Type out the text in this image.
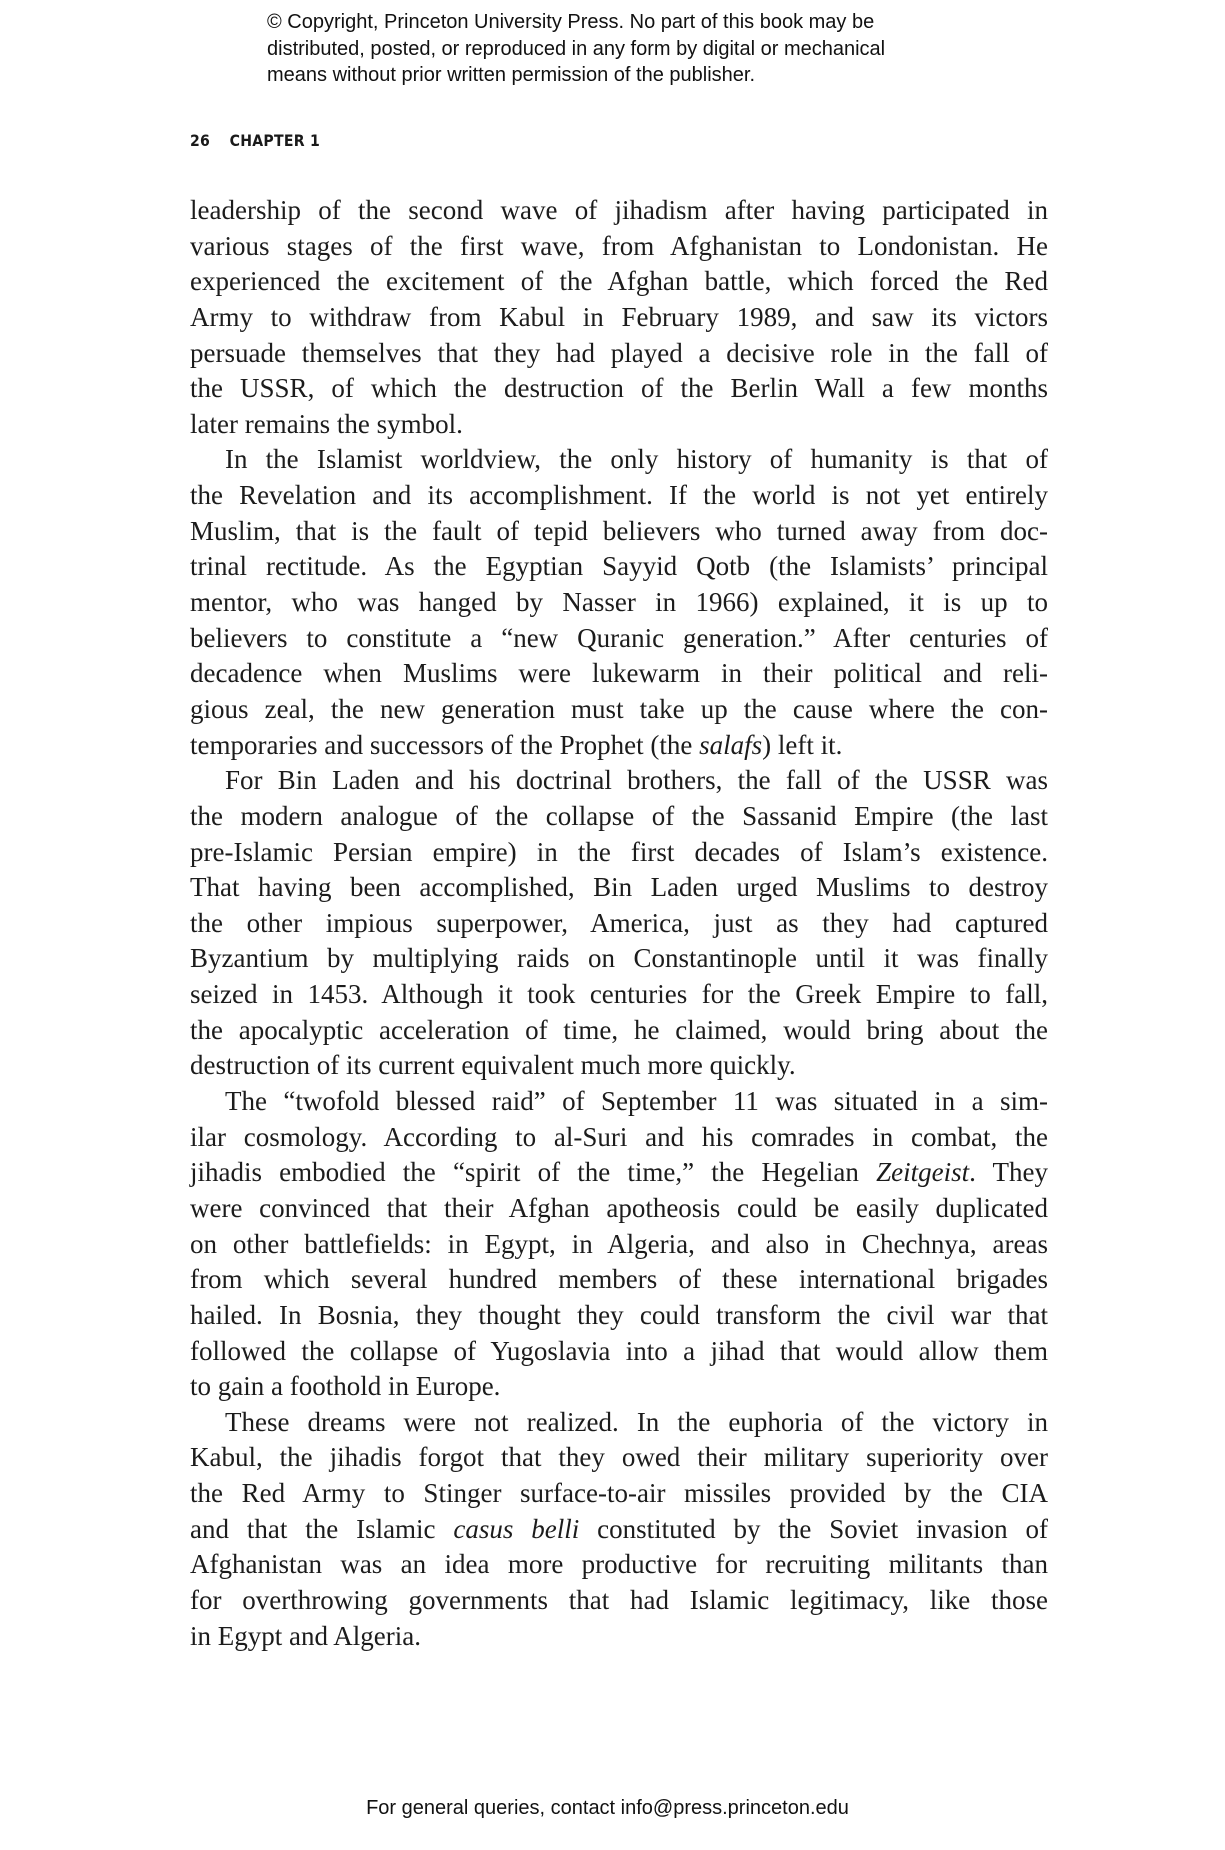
© Copyright, Princeton University Press. No part of this book may be
distributed, posted, or reproduced in any form by digital or mechanical
means without prior written permission of the publisher.
26 CHAPTER 1
leadership of the second wave of jihadism after having participated in
various stages of the first wave, from Afghanistan to Londonistan. He
experienced the excitement of the Afghan battle, which forced the Red
Army to withdraw from Kabul in February 1989, and saw its victors
persuade themselves that they had played a decisive role in the fall of
the USSR, of which the destruction of the Berlin Wall a few months
later remains the symbol.
In the Islamist worldview, the only history of humanity is that of
the Revelation and its accomplishment. If the world is not yet entirely
Muslim, that is the fault of tepid believers who turned away from doc-
trinal rectitude. As the Egyptian Sayyid Qotb (the Islamists’ principal
mentor, who was hanged by Nasser in 1966) explained, it is up to
believers to constitute a “new Quranic generation.” After centuries of
decadence when Muslims were lukewarm in their political and reli-
gious zeal, the new generation must take up the cause where the con-
temporaries and successors of the Prophet (the salafs) left it.
For Bin Laden and his doctrinal brothers, the fall of the USSR was
the modern analogue of the collapse of the Sassanid Empire (the last
pre-Islamic Persian empire) in the first decades of Islam’s existence.
That having been accomplished, Bin Laden urged Muslims to destroy
the other impious superpower, America, just as they had captured
Byzantium by multiplying raids on Constantinople until it was finally
seized in 1453. Although it took centuries for the Greek Empire to fall,
the apocalyptic acceleration of time, he claimed, would bring about the
destruction of its current equivalent much more quickly.
The “twofold blessed raid” of September 11 was situated in a sim-
ilar cosmology. According to al-Suri and his comrades in combat, the
jihadis embodied the “spirit of the time,” the Hegelian Zeitgeist. They
were convinced that their Afghan apotheosis could be easily duplicated
on other battlefields: in Egypt, in Algeria, and also in Chechnya, areas
from which several hundred members of these international brigades
hailed. In Bosnia, they thought they could transform the civil war that
followed the collapse of Yugoslavia into a jihad that would allow them
to gain a foothold in Europe.
These dreams were not realized. In the euphoria of the victory in
Kabul, the jihadis forgot that they owed their military superiority over
the Red Army to Stinger surface-to-air missiles provided by the CIA
and that the Islamic casus belli constituted by the Soviet invasion of
Afghanistan was an idea more productive for recruiting militants than
for overthrowing governments that had Islamic legitimacy, like those
in Egypt and Algeria.
For general queries, contact info@press.princeton.edu
